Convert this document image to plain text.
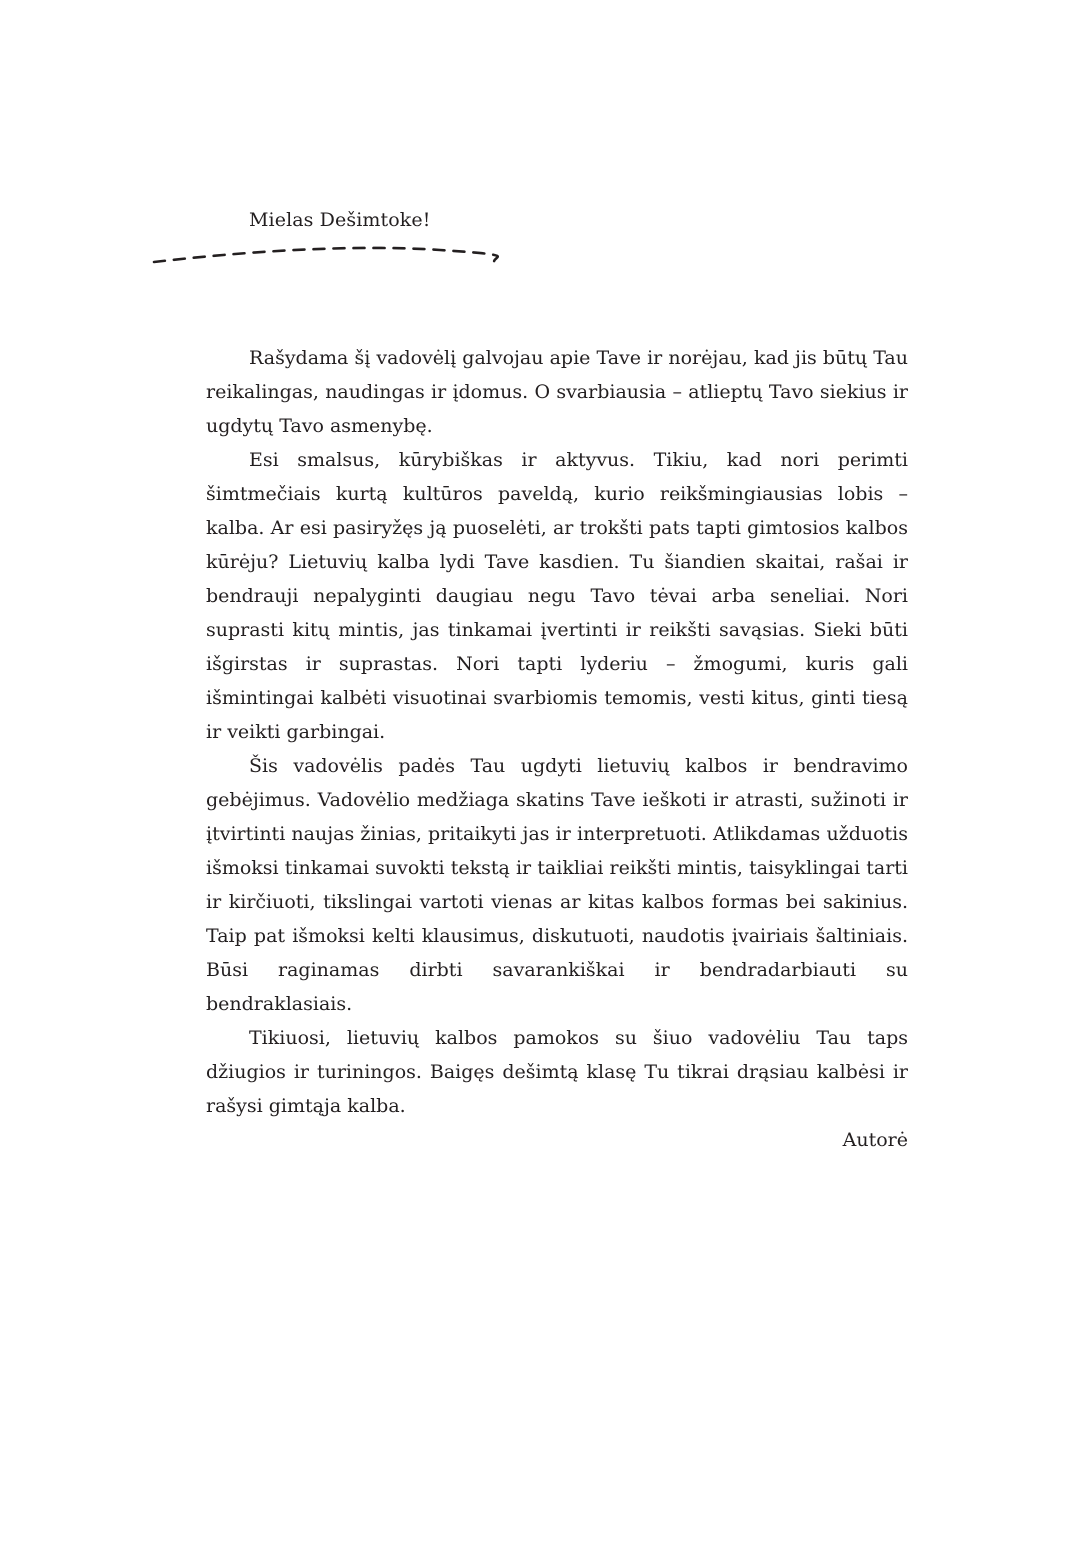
Mielas Dešimtoke!

Rašydama šį vadovėlį galvojau apie Tave ir norėjau, kad jis būtų Tau reikalingas, naudingas ir įdomus. O svarbiausia – atlieptų Tavo siekius ir ugdytų Tavo asmenybę.

Esi smalsus, kūrybiškas ir aktyvus. Tikiu, kad nori perimti šimtmečiais kurtą kultūros paveldą, kurio reikšmingiausias lobis – kalba. Ar esi pasiryžęs ją puoselėti, ar trokšti pats tapti gimtosios kalbos kūrėju? Lietuvių kalba lydi Tave kasdien. Tu šiandien skaitai, rašai ir bendrauji nepalyginti daugiau negu Tavo tėvai arba seneliai. Nori suprasti kitų mintis, jas tinkamai įvertinti ir reikšti savąsias. Sieki būti išgirstas ir suprastas. Nori tapti lyderiu – žmogumi, kuris gali išmintingai kalbėti visuotinai svarbiomis temomis, vesti kitus, ginti tiesą ir veikti garbingai.

Šis vadovėlis padės Tau ugdyti lietuvių kalbos ir bendravimo gebėjimus. Vadovėlio medžiaga skatins Tave ieškoti ir atrasti, sužinoti ir įtvirtinti naujas žinias, pritaikyti jas ir interpretuoti. Atlikdamas užduotis išmoksi tinkamai suvokti tekstą ir taikliai reikšti mintis, taisyklingai tarti ir kirčiuoti, tikslingai vartoti vienas ar kitas kalbos formas bei sakinius. Taip pat išmoksi kelti klausimus, diskutuoti, naudotis įvairiais šaltiniais. Būsi raginamas dirbti savarankiškai ir bendradarbiauti su bendraklasiais.

Tikiuosi, lietuvių kalbos pamokos su šiuo vadovėliu Tau taps džiugios ir turiningos. Baigęs dešimtą klasę Tu tikrai drąsiau kalbėsi ir rašysi gimtąja kalba.

Autorė
